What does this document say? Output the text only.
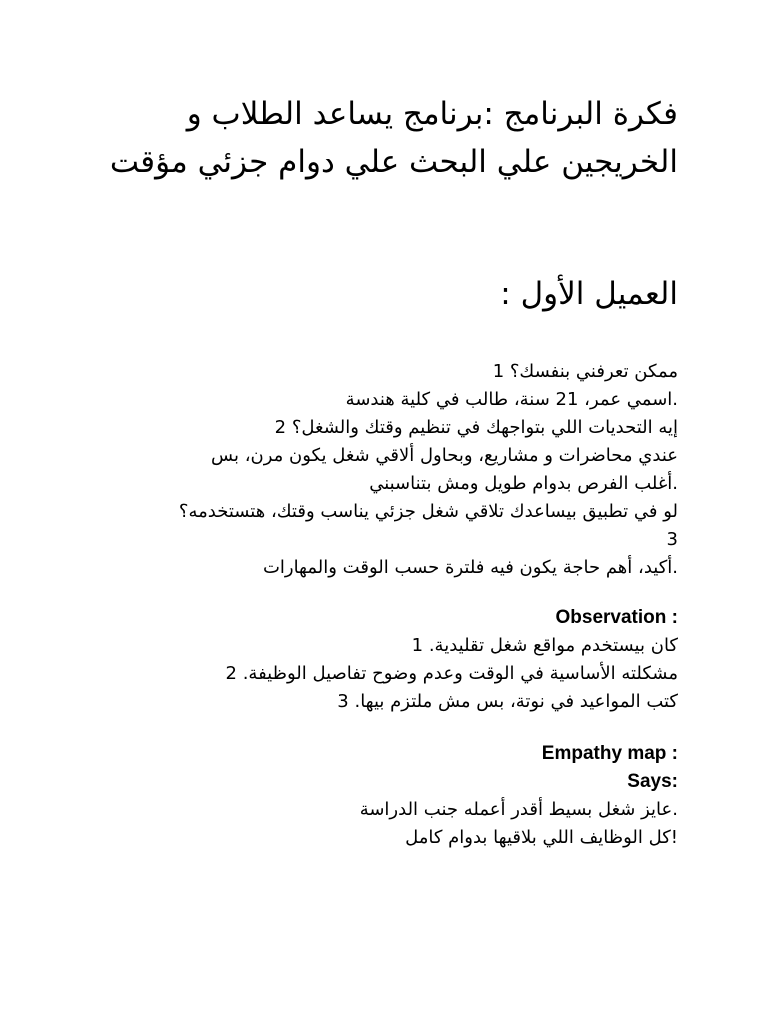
فكرة البرنامج :برنامج يساعد الطلاب و الخريجين علي البحث علي دوام جزئي مؤقت
العميل الأول :
ممكن تعرفني بنفسك؟ 1
.اسمي عمر، 21 سنة، طالب في كلية هندسة
إيه التحديات اللي بتواجهك في تنظيم وقتك والشغل؟ 2
عندي محاضرات و مشاريع، وبحاول ألاقي شغل يكون مرن، بس
.أغلب الفرص بدوام طويل ومش بتناسبني
لو في تطبيق بيساعدك تلاقي شغل جزئي يناسب وقتك، هتستخدمه؟
3
.أكيد، أهم حاجة يكون فيه فلترة حسب الوقت والمهارات
Observation :
كان بيستخدم مواقع شغل تقليدية. 1
مشكلته الأساسية في الوقت وعدم وضوح تفاصيل الوظيفة. 2
كتب المواعيد في نوتة، بس مش ملتزم بيها. 3
Empathy map :
Says:
.عايز شغل بسيط أقدر أعمله جنب الدراسة
!كل الوظايف اللي بلاقيها بدوام كامل
